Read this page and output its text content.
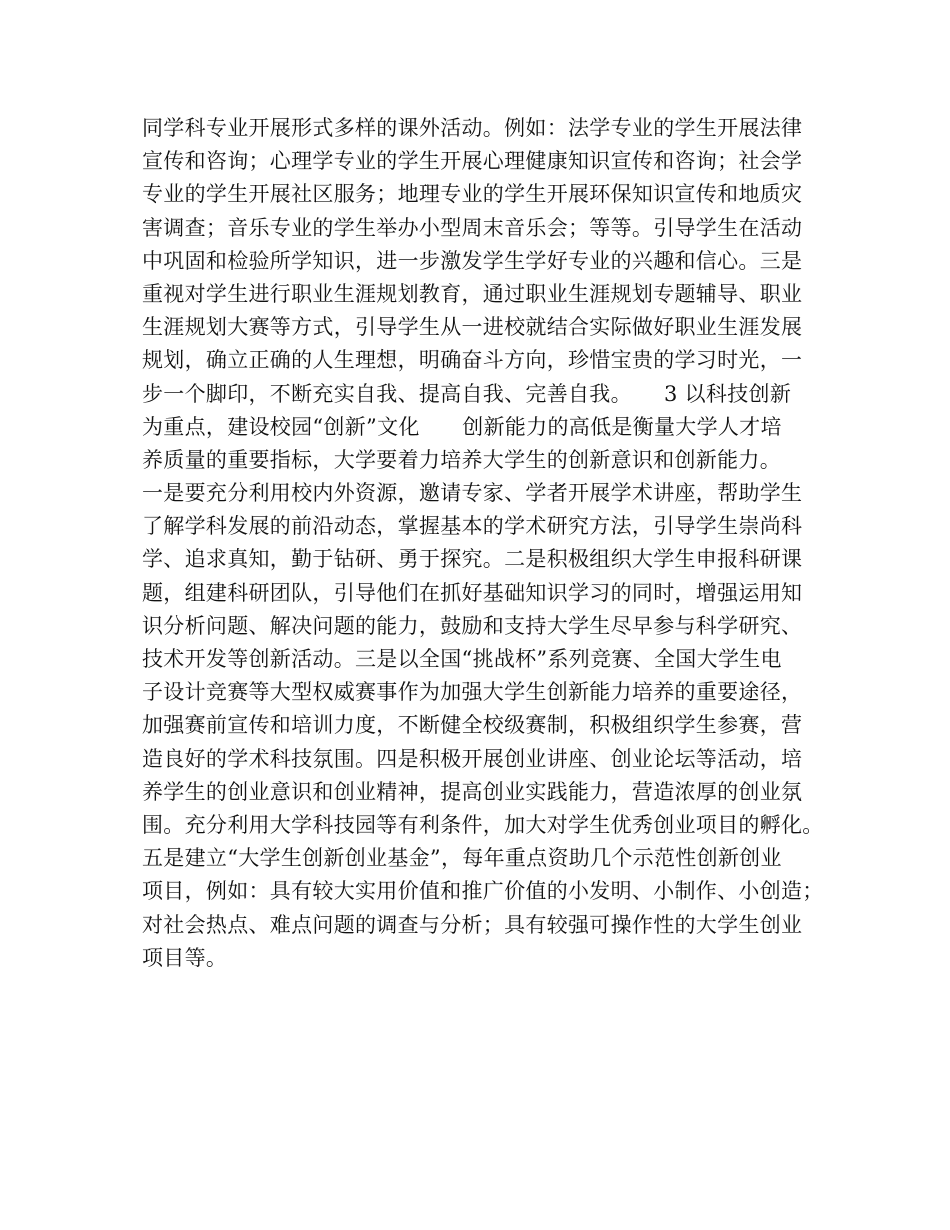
同学科专业开展形式多样的课外活动。例如：法学专业的学生开展法律
宣传和咨询；心理学专业的学生开展心理健康知识宣传和咨询；社会学
专业的学生开展社区服务；地理专业的学生开展环保知识宣传和地质灾
害调查；音乐专业的学生举办小型周末音乐会；等等。引导学生在活动
中巩固和检验所学知识，进一步激发学生学好专业的兴趣和信心。三是
重视对学生进行职业生涯规划教育，通过职业生涯规划专题辅导、职业
生涯规划大赛等方式，引导学生从一进校就结合实际做好职业生涯发展
规划，确立正确的人生理想，明确奋斗方向，珍惜宝贵的学习时光，一
步一个脚印，不断充实自我、提高自我、完善自我。　　3 以科技创新
为重点，建设校园“创新”文化　　创新能力的高低是衡量大学人才培
养质量的重要指标，大学要着力培养大学生的创新意识和创新能力。
一是要充分利用校内外资源，邀请专家、学者开展学术讲座，帮助学生
了解学科发展的前沿动态，掌握基本的学术研究方法，引导学生崇尚科
学、追求真知，勤于钻研、勇于探究。二是积极组织大学生申报科研课
题，组建科研团队，引导他们在抓好基础知识学习的同时，增强运用知
识分析问题、解决问题的能力，鼓励和支持大学生尽早参与科学研究、
技术开发等创新活动。三是以全国“挑战杯”系列竞赛、全国大学生电
子设计竞赛等大型权威赛事作为加强大学生创新能力培养的重要途径，
加强赛前宣传和培训力度，不断健全校级赛制，积极组织学生参赛，营
造良好的学术科技氛围。四是积极开展创业讲座、创业论坛等活动，培
养学生的创业意识和创业精神，提高创业实践能力，营造浓厚的创业氛
围。充分利用大学科技园等有利条件，加大对学生优秀创业项目的孵化。
五是建立“大学生创新创业基金”，每年重点资助几个示范性创新创业
项目，例如：具有较大实用价值和推广价值的小发明、小制作、小创造；
对社会热点、难点问题的调查与分析；具有较强可操作性的大学生创业
项目等。
